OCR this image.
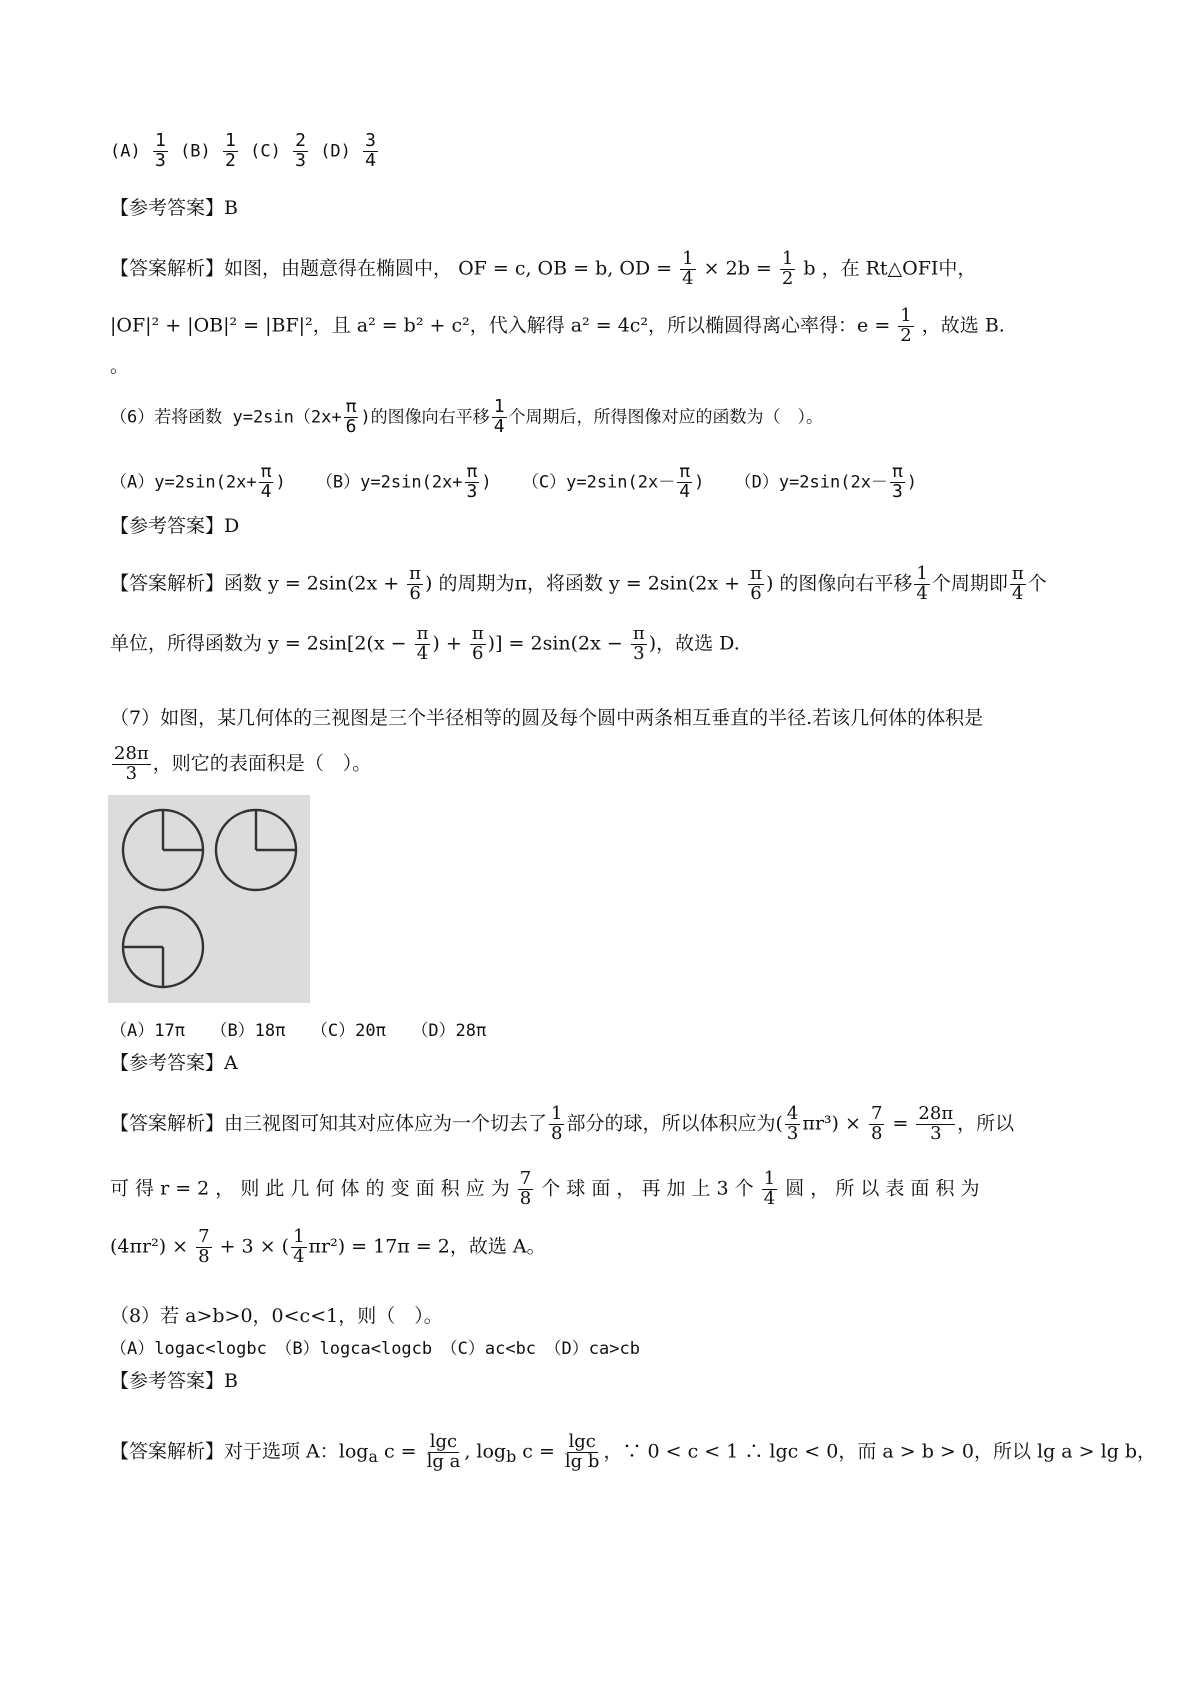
$(A) \frac{1}{3} (B) \frac{1}{2} (C) \frac{2}{3} (D) \frac{3}{4}$
【参考答案】B
【答案解析】如图，由题意得在椭圆中， OF = c, OB = b, OD = $\frac{1}{4} \times 2b = \frac{1}{2}$ b ，在 Rt△OFI中，
|OF|² + |OB|² = |BF|²，且 a² = b² + c²，代入解得 a² = 4c²，所以椭圆得离心率得：$e = \frac{1}{2}$ ，故选 B.
。
（6）若将函数 $y=2\sin(2x+ \frac{\pi}{6}$ )的图像向右平移 $\frac{1}{4}$ 个周期后，所得图像对应的函数为（　）。
$(A)y=2\sin(2x+ \frac{\pi}{4}$ ) $(B)y=2\sin(2x+ \frac{\pi}{3}$ ) $(C)y=2\sin(2x- \frac{\pi}{4}$ ) $(D)y=2\sin(2x- \frac{\pi}{3}$ )
【参考答案】D
【答案解析】函数 $y = 2\sin(2x + \frac{\pi}{6}$ ) 的周期为π，将函数 $y = 2\sin(2x + \frac{\pi}{6}$ ) 的图像向右平移 $\frac{1}{4}$ 个周期即 $\frac{\pi}{4}$ 个
单位，所得函数为 $y = 2\sin[2(x - \frac{\pi}{4}$ ) + $\frac{\pi}{6}$ )] = $2\sin(2x - \frac{\pi}{3}$ )，故选 D.
（7）如图，某几何体的三视图是三个半径相等的圆及每个圆中两条相互垂直的半径.若该几何体的体积是
$\frac{28\pi}{3}$ ，则它的表面积是（　）。
（A）17π　　（B）18π　　（C）20π　　（D）28π
【参考答案】A
【答案解析】由三视图可知其对应体应为一个切去了 $\frac{1}{8}$ 部分的球，所以体积应为( $\frac{4}{3} \pi r^3) \times \frac{7}{8} = \frac{28\pi}{3}$ ，所以
可 得 r = 2 ， 则 此 几 何 体 的 变 面 积 应 为 $\frac{7}{8}$ 个 球 面 ， 再 加 上 3 个 $\frac{1}{4}$ 圆 ， 所 以 表 面 积 为
$(4\pi r^2) \times \frac{7}{8} + 3$ × ( $\frac{1}{4} \pi r^2) = 17\pi = 2$，故选 A。
（8）若 a>b>0，0<c<1，则（　）。
（A）logac<logbc　（B）logca<logcb　（C）ac<bc　（D）ca>cb
【参考答案】B
【答案解析】对于选项 A：$\log_a c = \frac{\lg c}{\text{lg a}}$ , $\log_b c = \frac{\lg c}{\text{lg b}}$ ，∵ 0 < c < 1 ∴ lgc < 0，而 a > b > 0，所以 lg a > lg b，
